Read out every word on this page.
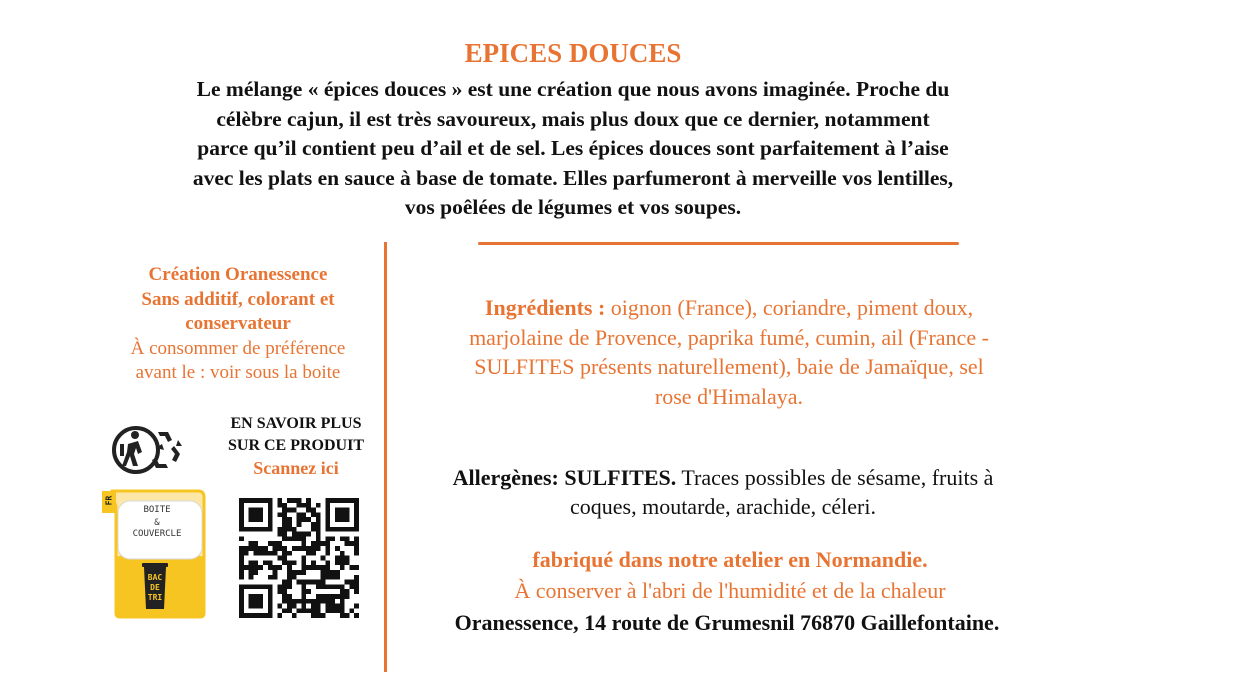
EPICES DOUCES
Le mélange « épices douces » est une création que nous avons imaginée. Proche du
célèbre cajun, il est très savoureux, mais plus doux que ce dernier, notamment
parce qu’il contient peu d’ail et de sel. Les épices douces sont parfaitement à l’aise
avec les plats en sauce à base de tomate. Elles parfumeront à merveille vos lentilles,
vos poêlées de légumes et vos soupes.
Création Oranessence
Sans additif, colorant et
conservateur
À consommer de préférence
avant le : voir sous la boite
FR
BOITE
&
COUVERCLE
BAC
DE
TRI
EN SAVOIR PLUS
SUR CE PRODUIT
Scannez ici
Ingrédients : oignon (France), coriandre, piment doux,
marjolaine de Provence, paprika fumé, cumin, ail (France -
SULFITES présents naturellement), baie de Jamaïque, sel
rose d'Himalaya.
Allergènes: SULFITES. Traces possibles de sésame, fruits à
coques, moutarde, arachide, céleri.
fabriqué dans notre atelier en Normandie.
À conserver à l'abri de l'humidité et de la chaleur
Oranessence, 14 route de Grumesnil 76870 Gaillefontaine.
